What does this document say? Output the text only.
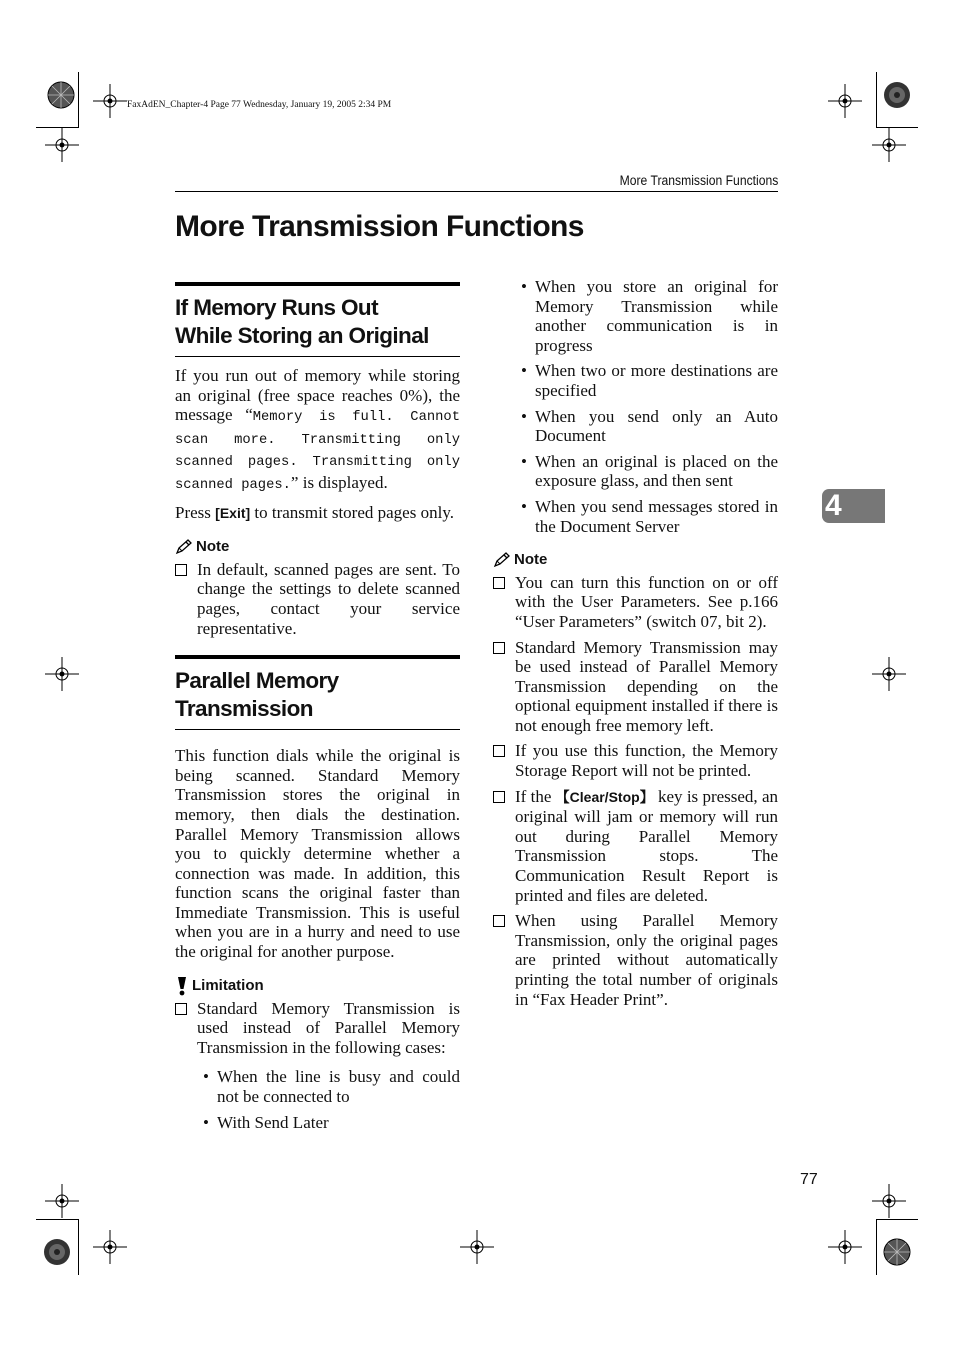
FaxAdEN_Chapter-4 Page 77 Wednesday, January 19, 2005 2:34 PM
More Transmission Functions
More Transmission Functions
If Memory Runs Out While Storing an Original

If you run out of memory while storing an original (free space reaches 0%), the message “Memory is full. Cannot scan more. Transmitting only scanned pages. Transmitting only scanned pages.” is displayed.

Press [Exit] to transmit stored pages only.

Note
In default, scanned pages are sent. To change the settings to delete scanned pages, contact your service representative.
Parallel Memory Transmission

This function dials while the original is being scanned. Standard Memory Transmission stores the original in memory, then dials the destination. Parallel Memory Transmission allows you to quickly determine whether a connection was made. In addition, this function scans the original faster than Immediate Transmission. This is useful when you are in a hurry and need to use the original for another purpose.

Limitation
Standard Memory Transmission is used instead of Parallel Memory Transmission in the following cases:
• When the line is busy and could not be connected to
• With Send Later
• When you store an original for Memory Transmission while another communication is in progress
• When two or more destinations are specified
• When you send only an Auto Document
• When an original is placed on the exposure glass, and then sent
• When you send messages stored in the Document Server
Note
You can turn this function on or off with the User Parameters. See p.166 “User Parameters” (switch 07, bit 2).
Standard Memory Transmission may be used instead of Parallel Memory Transmission depending on the optional equipment installed if there is not enough free memory left.
If you use this function, the Memory Storage Report will not be printed.
If the 【Clear/Stop】 key is pressed, an original will jam or memory will run out during Parallel Memory Transmission stops. The Communication Result Report is printed and files are deleted.
When using Parallel Memory Transmission, only the original pages are printed without automatically printing the total number of originals in “Fax Header Print”.
4
77
